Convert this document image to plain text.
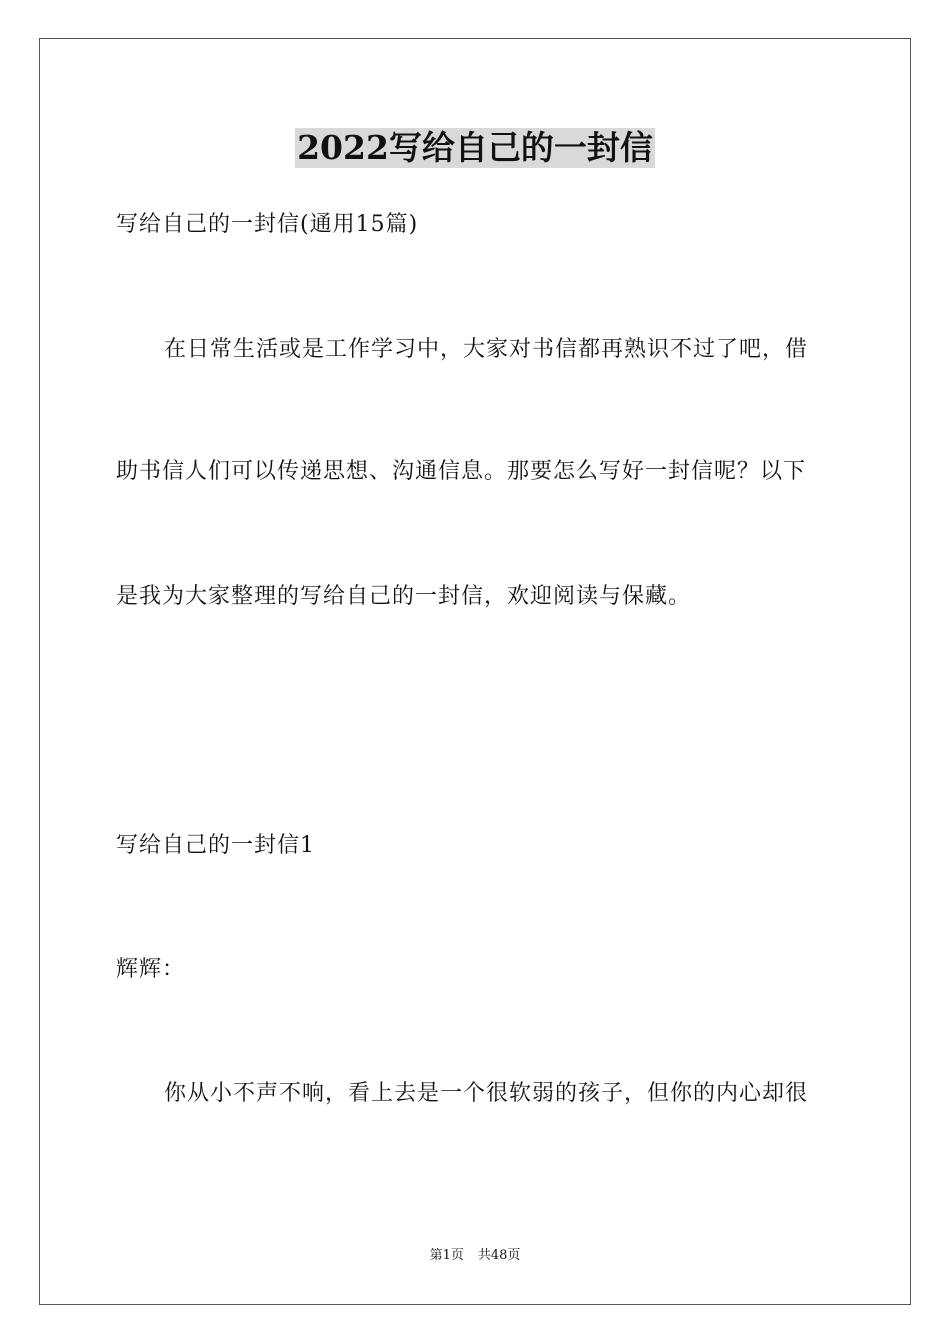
2022写给自己的一封信
写给自己的一封信(通用15篇)
在日常生活或是工作学习中，大家对书信都再熟识不过了吧，借
助书信人们可以传递思想、沟通信息。那要怎么写好一封信呢？以下
是我为大家整理的写给自己的一封信，欢迎阅读与保藏。
写给自己的一封信1
辉辉：
你从小不声不响，看上去是一个很软弱的孩子，但你的内心却很
第1页 共48页
